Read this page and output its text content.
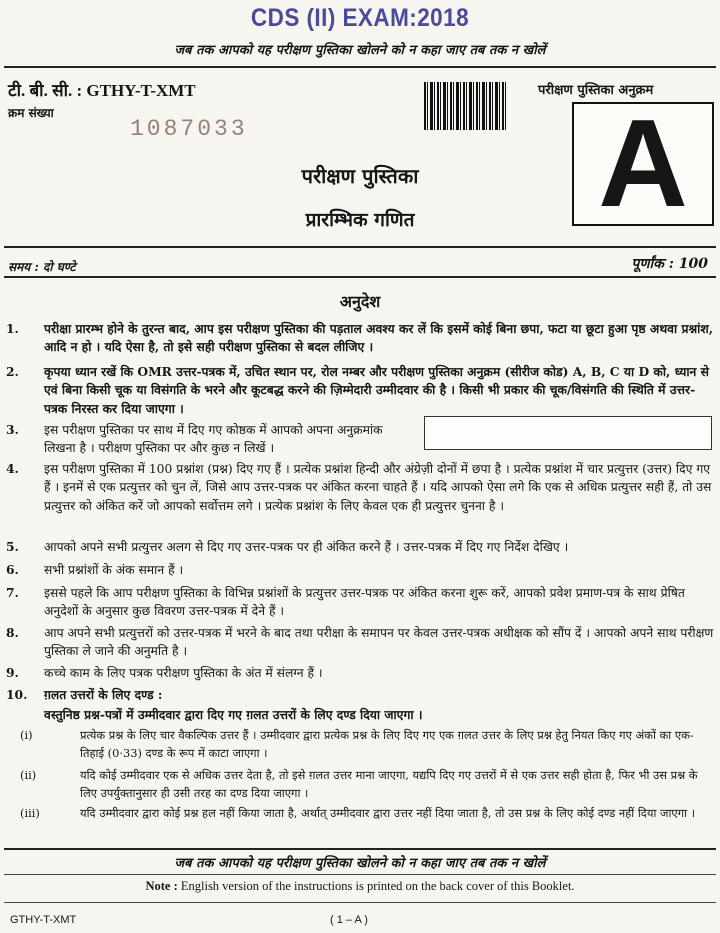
CDS (II) EXAM:2018
जब तक आपको यह परीक्षण पुस्तिका खोलने को न कहा जाए तब तक न खोलें
टी. बी. सी. : GTHY-T-XMT
क्रम संख्या
1087033
परीक्षण पुस्तिका अनुक्रम
A
परीक्षण पुस्तिका
प्रारम्भिक गणित
समय : दो घण्टे	पूर्णांक : 100
अनुदेश
1. परीक्षा प्रारम्भ होने के तुरन्त बाद, आप इस परीक्षण पुस्तिका की पड़ताल अवश्य कर लें कि इसमें कोई बिना छपा, फटा या छूटा हुआ पृष्ठ अथवा प्रश्नांश, आदि न हो । यदि ऐसा है, तो इसे सही परीक्षण पुस्तिका से बदल लीजिए ।
2. कृपया ध्यान रखें कि OMR उत्तर-पत्रक में, उचित स्थान पर, रोल नम्बर और परीक्षण पुस्तिका अनुक्रम (सीरीज कोड) A, B, C या D को, ध्यान से एवं बिना किसी चूक या विसंगति के भरने और कूटबद्ध करने की ज़िम्मेदारी उम्मीदवार की है । किसी भी प्रकार की चूक/विसंगति की स्थिति में उत्तर-पत्रक निरस्त कर दिया जाएगा ।
3. इस परीक्षण पुस्तिका पर साथ में दिए गए कोष्ठक में आपको अपना अनुक्रमांक लिखना है । परीक्षण पुस्तिका पर और कुछ न लिखें ।
4. इस परीक्षण पुस्तिका में 100 प्रश्नांश (प्रश्न) दिए गए हैं । प्रत्येक प्रश्नांश हिन्दी और अंग्रेज़ी दोनों में छपा है । प्रत्येक प्रश्नांश में चार प्रत्युत्तर (उत्तर) दिए गए हैं । इनमें से एक प्रत्युत्तर को चुन लें, जिसे आप उत्तर-पत्रक पर अंकित करना चाहते हैं । यदि आपको ऐसा लगे कि एक से अधिक प्रत्युत्तर सही हैं, तो उस प्रत्युत्तर को अंकित करें जो आपको सर्वोत्तम लगे । प्रत्येक प्रश्नांश के लिए केवल एक ही प्रत्युत्तर चुनना है ।
5. आपको अपने सभी प्रत्युत्तर अलग से दिए गए उत्तर-पत्रक पर ही अंकित करने हैं । उत्तर-पत्रक में दिए गए निर्देश देखिए ।
6. सभी प्रश्नांशों के अंक समान हैं ।
7. इससे पहले कि आप परीक्षण पुस्तिका के विभिन्न प्रश्नांशों के प्रत्युत्तर उत्तर-पत्रक पर अंकित करना शुरू करें, आपको प्रवेश प्रमाण-पत्र के साथ प्रेषित अनुदेशों के अनुसार कुछ विवरण उत्तर-पत्रक में देने हैं ।
8. आप अपने सभी प्रत्युत्तरों को उत्तर-पत्रक में भरने के बाद तथा परीक्षा के समापन पर केवल उत्तर-पत्रक अधीक्षक को सौंप दें । आपको अपने साथ परीक्षण पुस्तिका ले जाने की अनुमति है ।
9. कच्चे काम के लिए पत्रक परीक्षण पुस्तिका के अंत में संलग्न हैं ।
10. ग़लत उत्तरों के लिए दण्ड :
वस्तुनिष्ठ प्रश्न-पत्रों में उम्मीदवार द्वारा दिए गए ग़लत उत्तरों के लिए दण्ड दिया जाएगा ।
(i)	प्रत्येक प्रश्न के लिए चार वैकल्पिक उत्तर हैं । उम्मीदवार द्वारा प्रत्येक प्रश्न के लिए दिए गए एक ग़लत उत्तर के लिए प्रश्न हेतु नियत किए गए अंकों का एक-तिहाई (0·33) दण्ड के रूप में काटा जाएगा ।
(ii)	यदि कोई उम्मीदवार एक से अधिक उत्तर देता है, तो इसे ग़लत उत्तर माना जाएगा, यद्यपि दिए गए उत्तरों में से एक उत्तर सही होता है, फिर भी उस प्रश्न के लिए उपर्युक्तानुसार ही उसी तरह का दण्ड दिया जाएगा ।
(iii)	यदि उम्मीदवार द्वारा कोई प्रश्न हल नहीं किया जाता है, अर्थात् उम्मीदवार द्वारा उत्तर नहीं दिया जाता है, तो उस प्रश्न के लिए कोई दण्ड नहीं दिया जाएगा ।
जब तक आपको यह परीक्षण पुस्तिका खोलने को न कहा जाए तब तक न खोलें
Note : English version of the instructions is printed on the back cover of this Booklet.
GTHY-T-XMT	( 1 – A )
